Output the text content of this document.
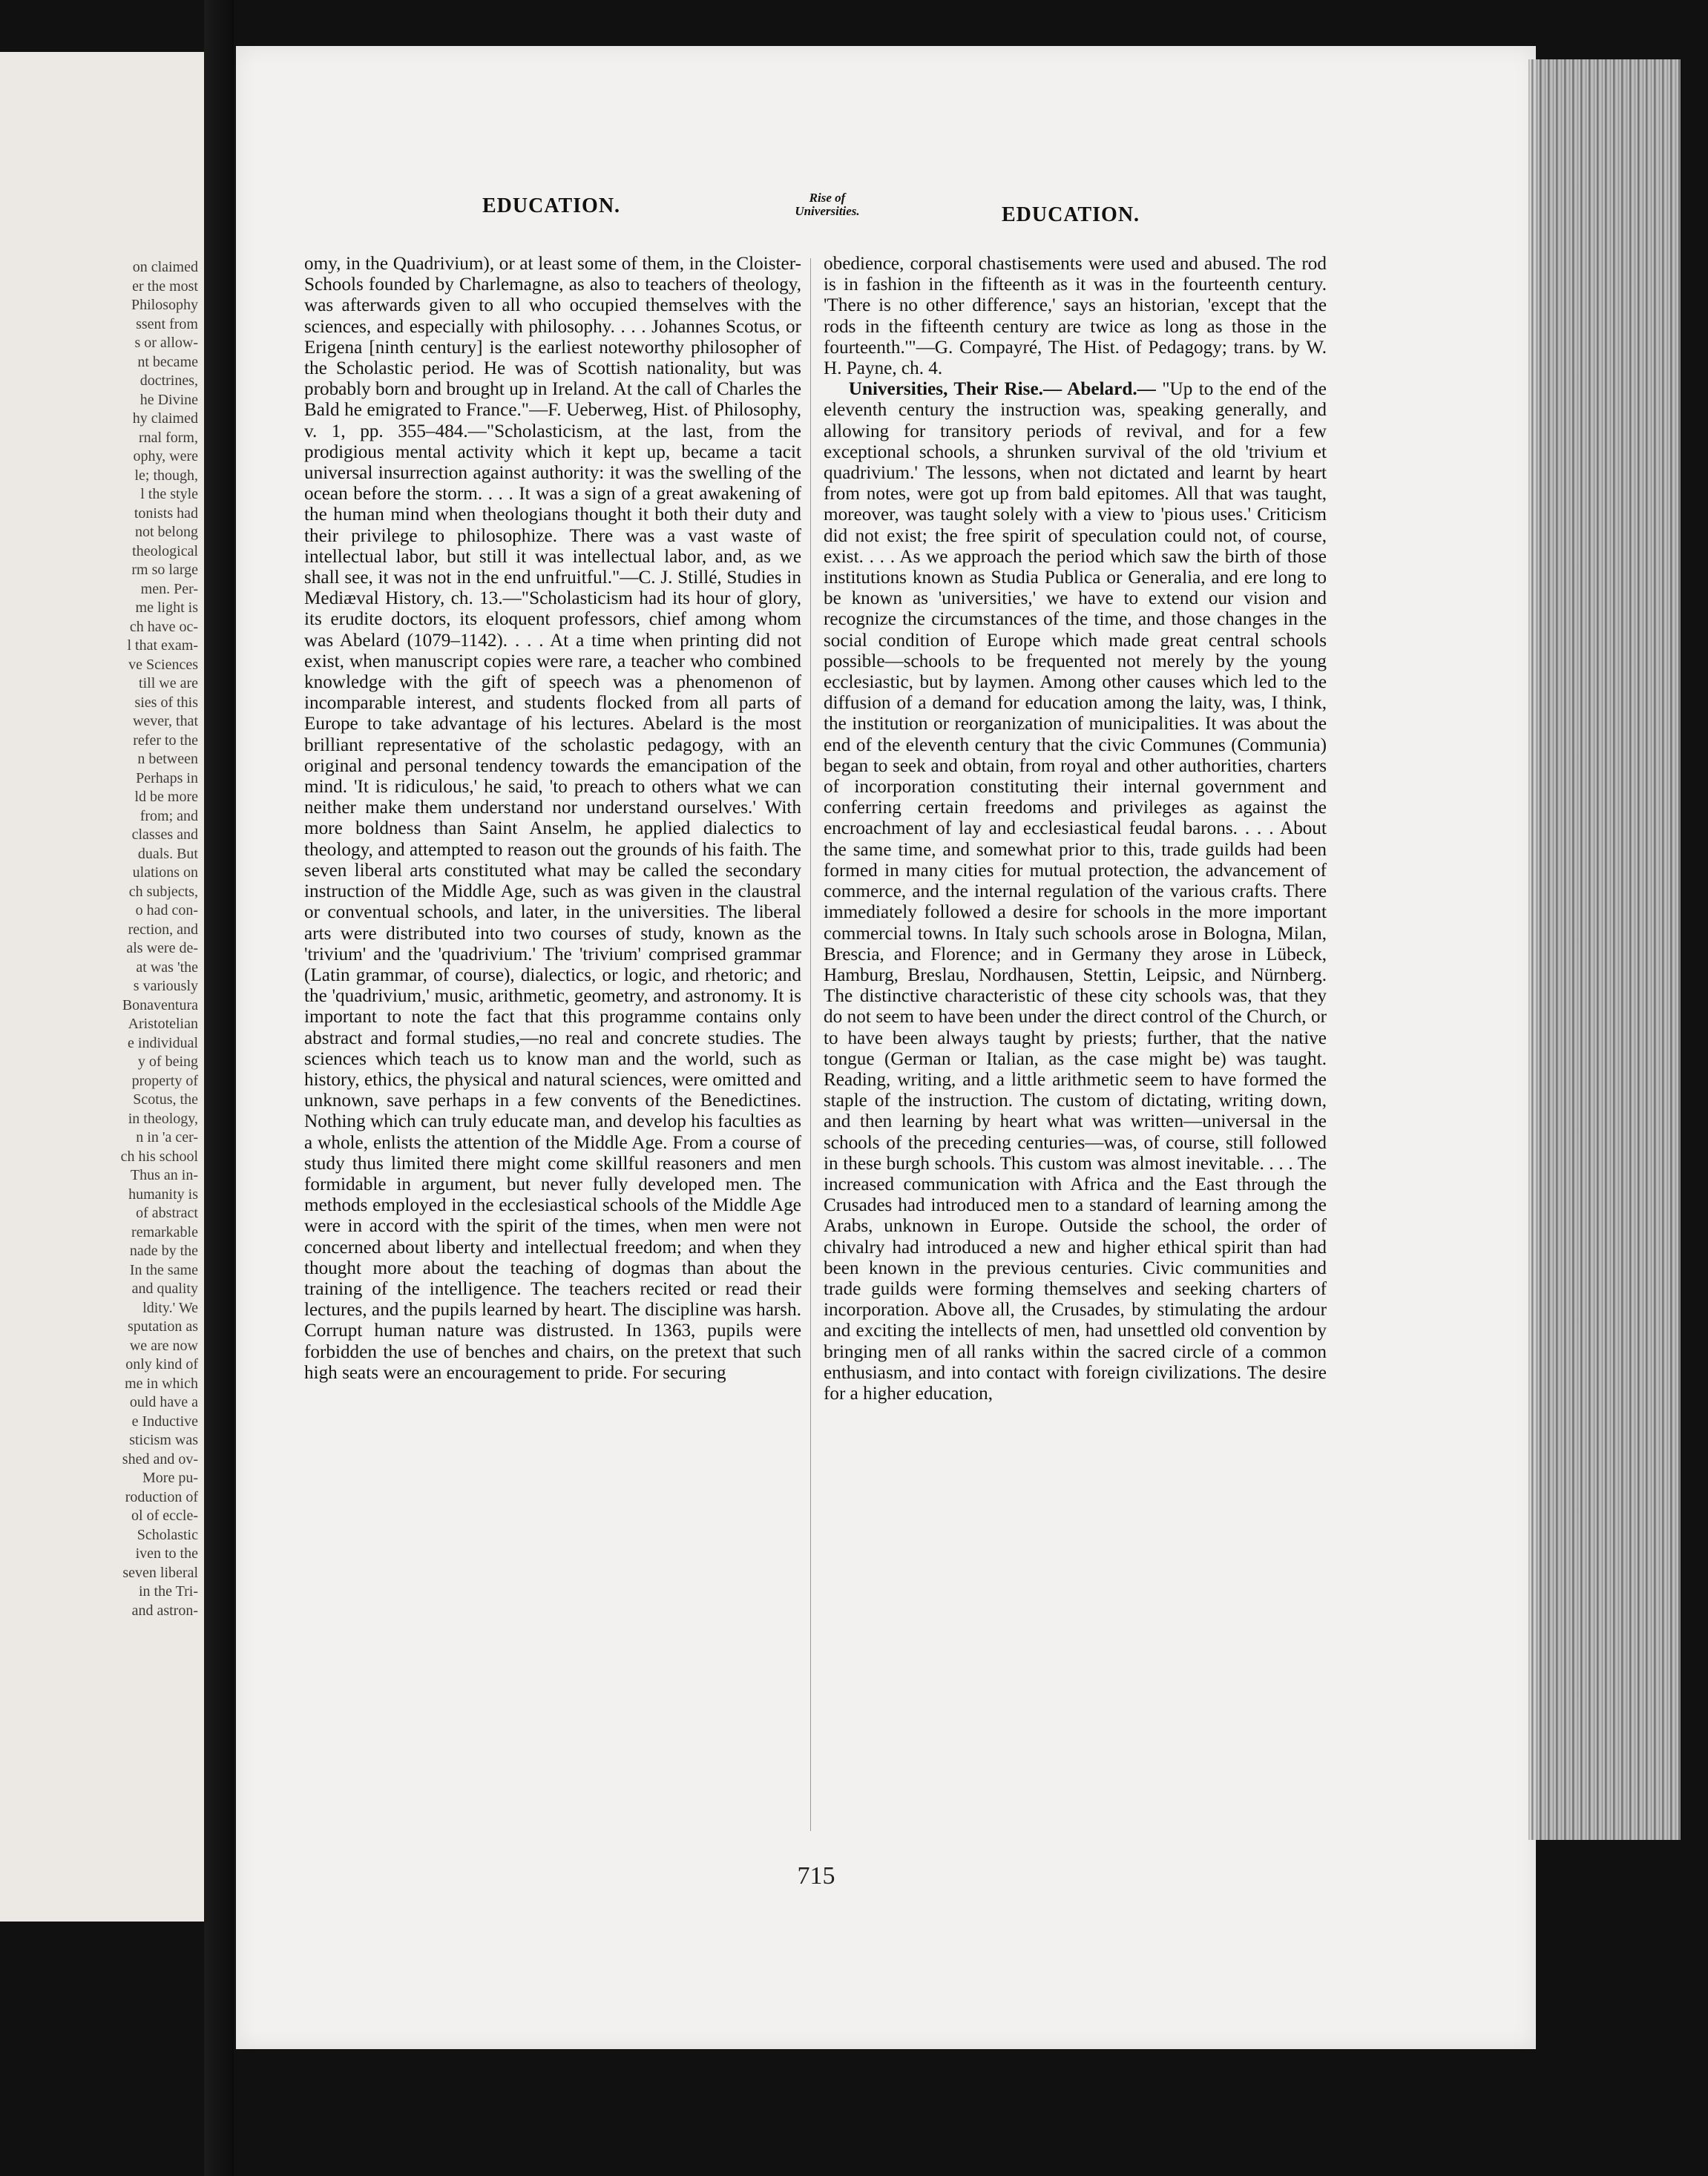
on claimed
er the most
Philosophy
ssent from
s or allow-
nt became
doctrines,
he Divine
hy claimed
rnal form,
ophy, were
le; though,
l the style
tonists had
not belong
theological
rm so large
men. Per-
me light is
ch have oc-
l that exam-
ve Sciences
till we are
sies of this
wever, that
refer to the
n between
Perhaps in
ld be more
from; and
classes and
duals. But
ulations on
ch subjects,
o had con-
rection, and
als were de-
at was 'the
s variously
Bonaventura
Aristotelian
e individual
y of being
property of
Scotus, the
in theology,
n in 'a cer-
ch his school
Thus an in-
humanity is
of abstract
remarkable
nade by the
In the same
and quality
ldity.' We
sputation as
we are now
only kind of
me in which
ould have a
e Inductive
sticism was
shed and ov-
More pu-
roduction of
ol of eccle-
Scholastic
iven to the
seven liberal
in the Tri-
and astron-
EDUCATION.	Rise of
Universities.	EDUCATION.

omy, in the Quadrivium), or at least some of them, in the Cloister-Schools founded by Charlemagne, as also to teachers of theology, was afterwards given to all who occupied themselves with the sciences, and especially with philosophy. . . . Johannes Scotus, or Erigena [ninth century] is the earliest noteworthy philosopher of the Scholastic period. He was of Scottish nationality, but was probably born and brought up in Ireland. At the call of Charles the Bald he emigrated to France."—F. Ueberweg, Hist. of Philosophy, v. 1, pp. 355–484.—"Scholasticism, at the last, from the prodigious mental activity which it kept up, became a tacit universal insurrection against authority: it was the swelling of the ocean before the storm. . . . It was a sign of a great awakening of the human mind when theologians thought it both their duty and their privilege to philosophize. There was a vast waste of intellectual labor, but still it was intellectual labor, and, as we shall see, it was not in the end unfruitful."—C. J. Stillé, Studies in Mediæval History, ch. 13.—"Scholasticism had its hour of glory, its erudite doctors, its eloquent professors, chief among whom was Abelard (1079–1142). . . . At a time when printing did not exist, when manuscript copies were rare, a teacher who combined knowledge with the gift of speech was a phenomenon of incomparable interest, and students flocked from all parts of Europe to take advantage of his lectures. Abelard is the most brilliant representative of the scholastic pedagogy, with an original and personal tendency towards the emancipation of the mind. 'It is ridiculous,' he said, 'to preach to others what we can neither make them understand nor understand ourselves.' With more boldness than Saint Anselm, he applied dialectics to theology, and attempted to reason out the grounds of his faith. The seven liberal arts constituted what may be called the secondary instruction of the Middle Age, such as was given in the claustral or conventual schools, and later, in the universities. The liberal arts were distributed into two courses of study, known as the 'trivium' and the 'quadrivium.' The 'trivium' comprised grammar (Latin grammar, of course), dialectics, or logic, and rhetoric; and the 'quadrivium,' music, arithmetic, geometry, and astronomy. It is important to note the fact that this programme contains only abstract and formal studies,—no real and concrete studies. The sciences which teach us to know man and the world, such as history, ethics, the physical and natural sciences, were omitted and unknown, save perhaps in a few convents of the Benedictines. Nothing which can truly educate man, and develop his faculties as a whole, enlists the attention of the Middle Age. From a course of study thus limited there might come skillful reasoners and men formidable in argument, but never fully developed men. The methods employed in the ecclesiastical schools of the Middle Age were in accord with the spirit of the times, when men were not concerned about liberty and intellectual freedom; and when they thought more about the teaching of dogmas than about the training of the intelligence. The teachers recited or read their lectures, and the pupils learned by heart. The discipline was harsh. Corrupt human nature was distrusted. In 1363, pupils were forbidden the use of benches and chairs, on the pretext that such high seats were an encouragement to pride. For securing

obedience, corporal chastisements were used and abused. The rod is in fashion in the fifteenth as it was in the fourteenth century. 'There is no other difference,' says an historian, 'except that the rods in the fifteenth century are twice as long as those in the fourteenth.'"—G. Compayré, The Hist. of Pedagogy; trans. by W. H. Payne, ch. 4.

Universities, Their Rise.— Abelard.— "Up to the end of the eleventh century the instruction was, speaking generally, and allowing for transitory periods of revival, and for a few exceptional schools, a shrunken survival of the old 'trivium et quadrivium.' The lessons, when not dictated and learnt by heart from notes, were got up from bald epitomes. All that was taught, moreover, was taught solely with a view to 'pious uses.' Criticism did not exist; the free spirit of speculation could not, of course, exist. . . . As we approach the period which saw the birth of those institutions known as Studia Publica or Generalia, and ere long to be known as 'universities,' we have to extend our vision and recognize the circumstances of the time, and those changes in the social condition of Europe which made great central schools possible—schools to be frequented not merely by the young ecclesiastic, but by laymen. Among other causes which led to the diffusion of a demand for education among the laity, was, I think, the institution or reorganization of municipalities. It was about the end of the eleventh century that the civic Communes (Communia) began to seek and obtain, from royal and other authorities, charters of incorporation constituting their internal government and conferring certain freedoms and privileges as against the encroachment of lay and ecclesiastical feudal barons. . . . About the same time, and somewhat prior to this, trade guilds had been formed in many cities for mutual protection, the advancement of commerce, and the internal regulation of the various crafts. There immediately followed a desire for schools in the more important commercial towns. In Italy such schools arose in Bologna, Milan, Brescia, and Florence; and in Germany they arose in Lübeck, Hamburg, Breslau, Nordhausen, Stettin, Leipsic, and Nürnberg. The distinctive characteristic of these city schools was, that they do not seem to have been under the direct control of the Church, or to have been always taught by priests; further, that the native tongue (German or Italian, as the case might be) was taught. Reading, writing, and a little arithmetic seem to have formed the staple of the instruction. The custom of dictating, writing down, and then learning by heart what was written—universal in the schools of the preceding centuries—was, of course, still followed in these burgh schools. This custom was almost inevitable. . . . The increased communication with Africa and the East through the Crusades had introduced men to a standard of learning among the Arabs, unknown in Europe. Outside the school, the order of chivalry had introduced a new and higher ethical spirit than had been known in the previous centuries. Civic communities and trade guilds were forming themselves and seeking charters of incorporation. Above all, the Crusades, by stimulating the ardour and exciting the intellects of men, had unsettled old convention by bringing men of all ranks within the sacred circle of a common enthusiasm, and into contact with foreign civilizations. The desire for a higher education,

715
